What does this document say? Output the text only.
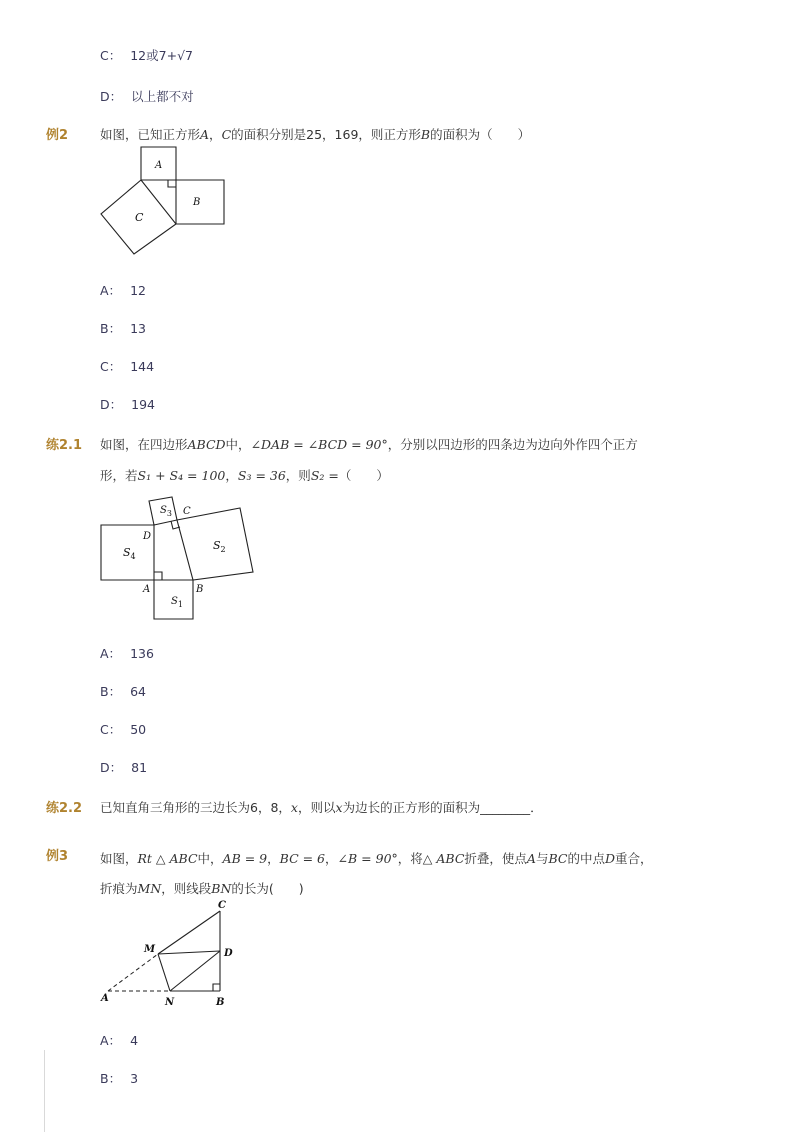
C： 12或7+√7
D： 以上都不对
例2	如图，已知正方形A，C的面积分别是25，169，则正方形B的面积为（　　）
A
B
C
A： 12
B： 13
C： 144
D： 194
练2.1 如图，在四边形ABCD中，∠DAB = ∠BCD = 90°，分别以四边形的四条边为边向外作四个正方
形，若S₁ + S₄ = 100，S₃ = 36，则S₂ =（　　）
$S_4$
$S_2$
$S_3$
$S_1$
D
C
A	B
A： 136
B： 64
C： 50
D： 81
练2.2 已知直角三角形的三边长为6，8，x，则以x为边长的正方形的面积为________．
例3	如图，Rt △ ABC中，AB = 9，BC = 6，∠B = 90°，将△ ABC折叠，使点A与BC的中点D重合，
折痕为MN，则线段BN的长为(　　)
C
M	D
A	N	B
A： 4
B： 3
